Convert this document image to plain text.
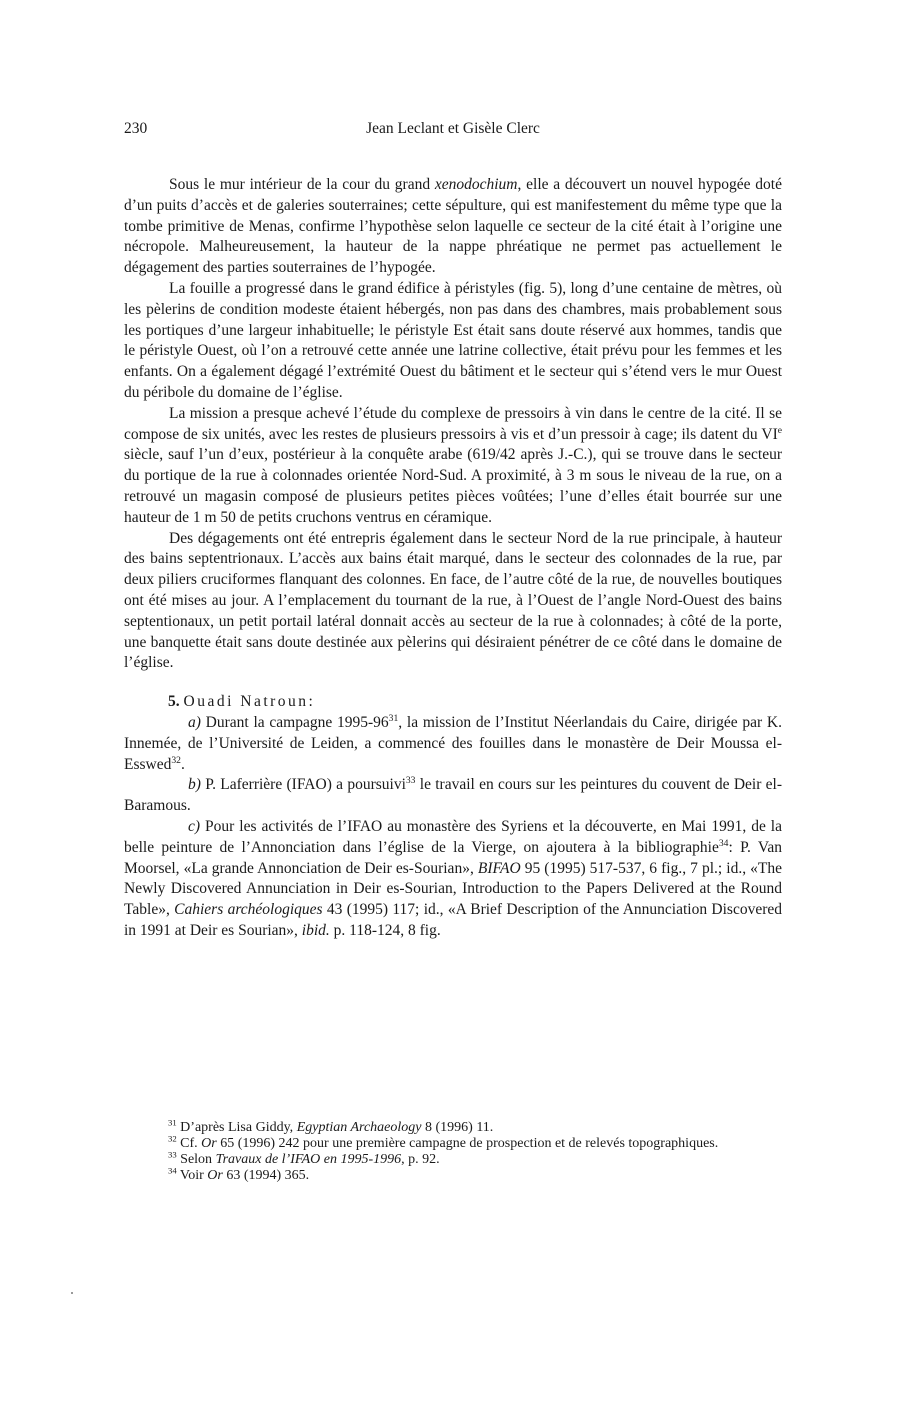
230	Jean Leclant et Gisèle Clerc

Sous le mur intérieur de la cour du grand xenodochium, elle a découvert un nouvel hypogée doté d’un puits d’accès et de galeries souterraines; cette sépulture, qui est manifestement du même type que la tombe primitive de Menas, confirme l’hypothèse selon laquelle ce secteur de la cité était à l’origine une nécropole. Malheureusement, la hauteur de la nappe phréatique ne permet pas actuellement le dégagement des parties souterraines de l’hypogée.

La fouille a progressé dans le grand édifice à péristyles (fig. 5), long d’une centaine de mètres, où les pèlerins de condition modeste étaient hébergés, non pas dans des chambres, mais probablement sous les portiques d’une largeur inhabituelle; le péristyle Est était sans doute réservé aux hommes, tandis que le péristyle Ouest, où l’on a retrouvé cette année une latrine collective, était prévu pour les femmes et les enfants. On a également dégagé l’extrémité Ouest du bâtiment et le secteur qui s’étend vers le mur Ouest du péribole du domaine de l’église.

La mission a presque achevé l’étude du complexe de pressoirs à vin dans le centre de la cité. Il se compose de six unités, avec les restes de plusieurs pressoirs à vis et d’un pressoir à cage; ils datent du VIe siècle, sauf l’un d’eux, postérieur à la conquête arabe (619/42 après J.-C.), qui se trouve dans le secteur du portique de la rue à colonnades orientée Nord-Sud. A proximité, à 3 m sous le niveau de la rue, on a retrouvé un magasin composé de plusieurs petites pièces voûtées; l’une d’elles était bourrée sur une hauteur de 1 m 50 de petits cruchons ventrus en céramique.

Des dégagements ont été entrepris également dans le secteur Nord de la rue principale, à hauteur des bains septentrionaux. L’accès aux bains était marqué, dans le secteur des colonnades de la rue, par deux piliers cruciformes flanquant des colonnes. En face, de l’autre côté de la rue, de nouvelles boutiques ont été mises au jour. A l’emplacement du tournant de la rue, à l’Ouest de l’angle Nord-Ouest des bains septentionaux, un petit portail latéral donnait accès au secteur de la rue à colonnades; à côté de la porte, une banquette était sans doute destinée aux pèlerins qui désiraient pénétrer de ce côté dans le domaine de l’église.

5. Ouadi Natroun:

a) Durant la campagne $1995-96^{31}$, la mission de l’Institut Néerlandais du Caire, dirigée par K. Innemée, de l’Université de Leiden, a commencé des fouilles dans le monastère de Deir Moussa el-Esswed$^{32}$.

b) P. Laferrière (IFAO) a poursuivi$^{33}$ le travail en cours sur les peintures du couvent de Deir el-Baramous.

c) Pour les activités de l’IFAO au monastère des Syriens et la découverte, en Mai 1991, de la belle peinture de l’Annonciation dans l’église de la Vierge, on ajoutera à la bibliographie$^{34}$: P. Van Moorsel, «La grande Annonciation de Deir es-Sourian», BIFAO 95 (1995) 517-537, 6 fig., 7 pl.; id., «The Newly Discovered Annunciation in Deir es-Sourian, Introduction to the Papers Delivered at the Round Table», Cahiers archéologiques 43 (1995) 117; id., «A Brief Description of the Annunciation Discovered in 1991 at Deir es Sourian», ibid. p. 118-124, 8 fig.

$^{31}$ D’après Lisa Giddy, Egyptian Archaeology 8 (1996) 11.

$^{32}$ Cf. Or 65 (1996) 242 pour une première campagne de prospection et de relevés topographiques.

$^{33}$ Selon Travaux de l’IFAO en 1995-1996, p. 92.

$^{34}$ Voir Or 63 (1994) 365.
